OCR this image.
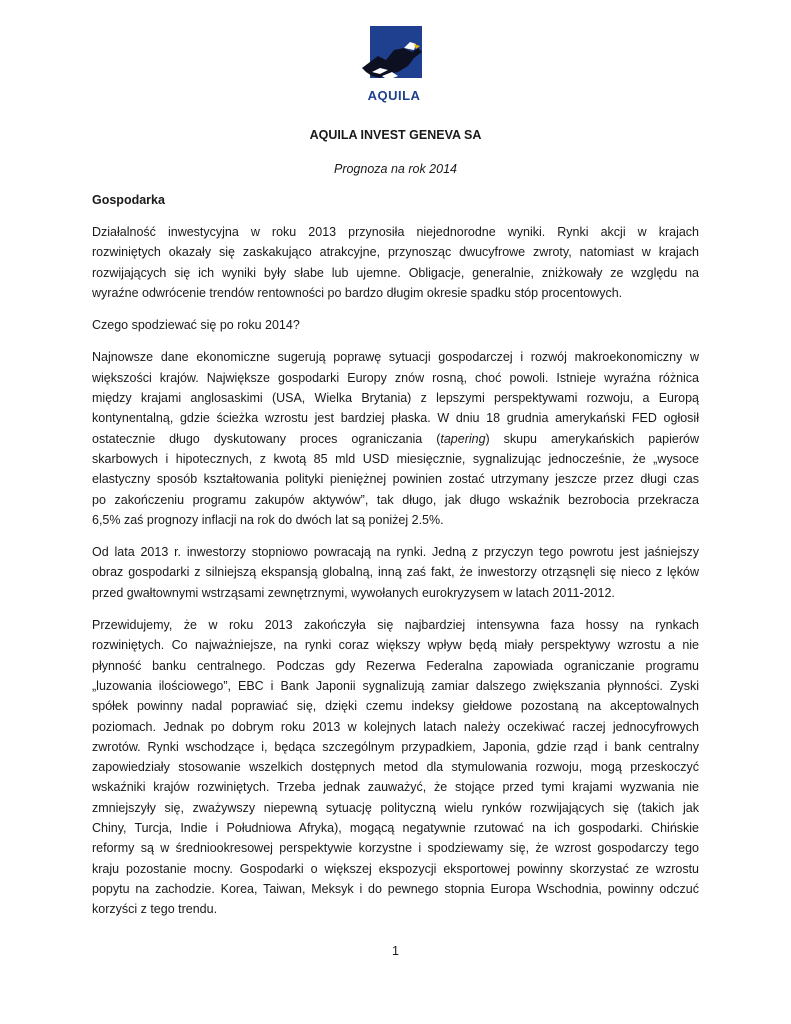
AQUILA
AQUILA INVEST GENEVA SA
Prognoza na rok 2014
Gospodarka
Działalność inwestycyjna w roku 2013 przynosiła niejednorodne wyniki. Rynki akcji w krajach
rozwiniętych okazały się zaskakująco atrakcyjne, przynosząc dwucyfrowe zwroty, natomiast w krajach
rozwijających się ich wyniki były słabe lub ujemne. Obligacje, generalnie, zniżkowały ze względu na
wyraźne odwrócenie trendów rentowności po bardzo długim okresie spadku stóp procentowych.
Czego spodziewać się po roku 2014?
Najnowsze dane ekonomiczne sugerują poprawę sytuacji gospodarczej i rozwój makroekonomiczny w
większości krajów. Największe gospodarki Europy znów rosną, choć powoli. Istnieje wyraźna różnica
między krajami anglosaskimi (USA, Wielka Brytania) z lepszymi perspektywami rozwoju, a Europą
kontynentalną, gdzie ścieżka wzrostu jest bardziej płaska. W dniu 18 grudnia amerykański FED ogłosił
ostatecznie długo dyskutowany proces ograniczania (tapering) skupu amerykańskich papierów
skarbowych i hipotecznych, z kwotą 85 mld USD miesięcznie, sygnalizując jednocześnie, że „wysoce
elastyczny sposób kształtowania polityki pieniężnej powinien zostać utrzymany jeszcze przez długi czas
po zakończeniu programu zakupów aktywów”, tak długo, jak długo wskaźnik bezrobocia przekracza
6,5% zaś prognozy inflacji na rok do dwóch lat są poniżej 2.5%.
Od lata 2013 r. inwestorzy stopniowo powracają na rynki. Jedną z przyczyn tego powrotu jest jaśniejszy
obraz gospodarki z silniejszą ekspansją globalną, inną zaś fakt, że inwestorzy otrząsnęli się nieco z lęków
przed gwałtownymi wstrząsami zewnętrznymi, wywołanych eurokryzysem w latach 2011-2012.
Przewidujemy, że w roku 2013 zakończyła się najbardziej intensywna faza hossy na rynkach
rozwiniętych. Co najważniejsze, na rynki coraz większy wpływ będą miały perspektywy wzrostu a nie
płynność banku centralnego. Podczas gdy Rezerwa Federalna zapowiada ograniczanie programu
„luzowania ilościowego”, EBC i Bank Japonii sygnalizują zamiar dalszego zwiększania płynności. Zyski
spółek powinny nadal poprawiać się, dzięki czemu indeksy giełdowe pozostaną na akceptowalnych
poziomach. Jednak po dobrym roku 2013 w kolejnych latach należy oczekiwać raczej jednocyfrowych
zwrotów. Rynki wschodzące i, będąca szczególnym przypadkiem, Japonia, gdzie rząd i bank centralny
zapowiedziały stosowanie wszelkich dostępnych metod dla stymulowania rozwoju, mogą przeskoczyć
wskaźniki krajów rozwiniętych. Trzeba jednak zauważyć, że stojące przed tymi krajami wyzwania nie
zmniejszyły się, zważywszy niepewną sytuację polityczną wielu rynków rozwijających się (takich jak
Chiny, Turcja, Indie i Południowa Afryka), mogącą negatywnie rzutować na ich gospodarki. Chińskie
reformy są w średniookresowej perspektywie korzystne i spodziewamy się, że wzrost gospodarczy tego
kraju pozostanie mocny. Gospodarki o większej ekspozycji eksportowej powinny skorzystać ze wzrostu
popytu na zachodzie. Korea, Taiwan, Meksyk i do pewnego stopnia Europa Wschodnia, powinny odczuć
korzyści z tego trendu.
1
